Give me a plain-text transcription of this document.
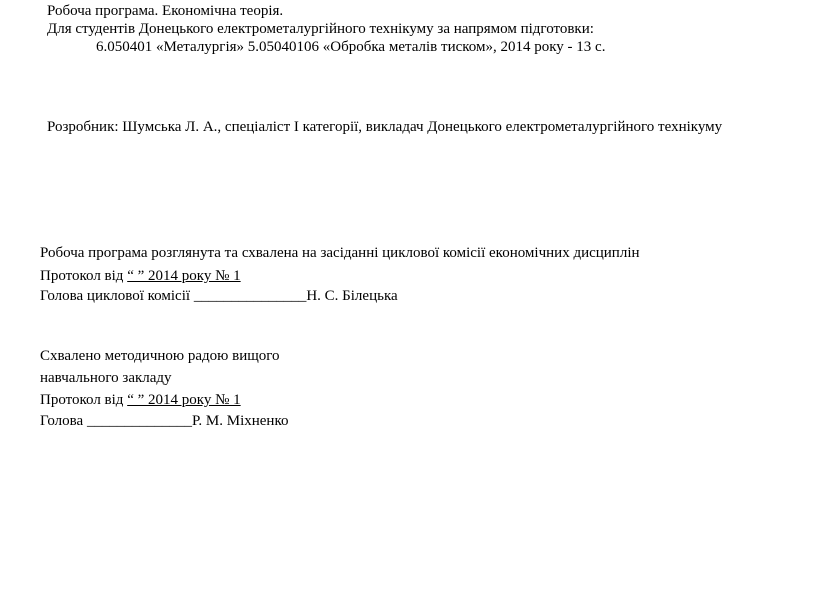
Робоча програма. Економічна теорія.
Для студентів Донецького електрометалургійного технікуму за напрямом підготовки:
6.050401 «Металургія» 5.05040106 «Обробка металів тиском», 2014 року - 13 с.
Розробник: Шумська Л. А., спеціаліст І категорії, викладач Донецького електрометалургійного технікуму
Робоча програма розглянута та схвалена на засіданні циклової комісії економічних дисциплін
Протокол від “ ” 2014 року № 1
Голова циклової комісії _______________Н. С. Білецька
Схвалено методичною радою вищого
навчального закладу
Протокол від “ ” 2014 року № 1
Голова ______________Р. М. Міхненко
